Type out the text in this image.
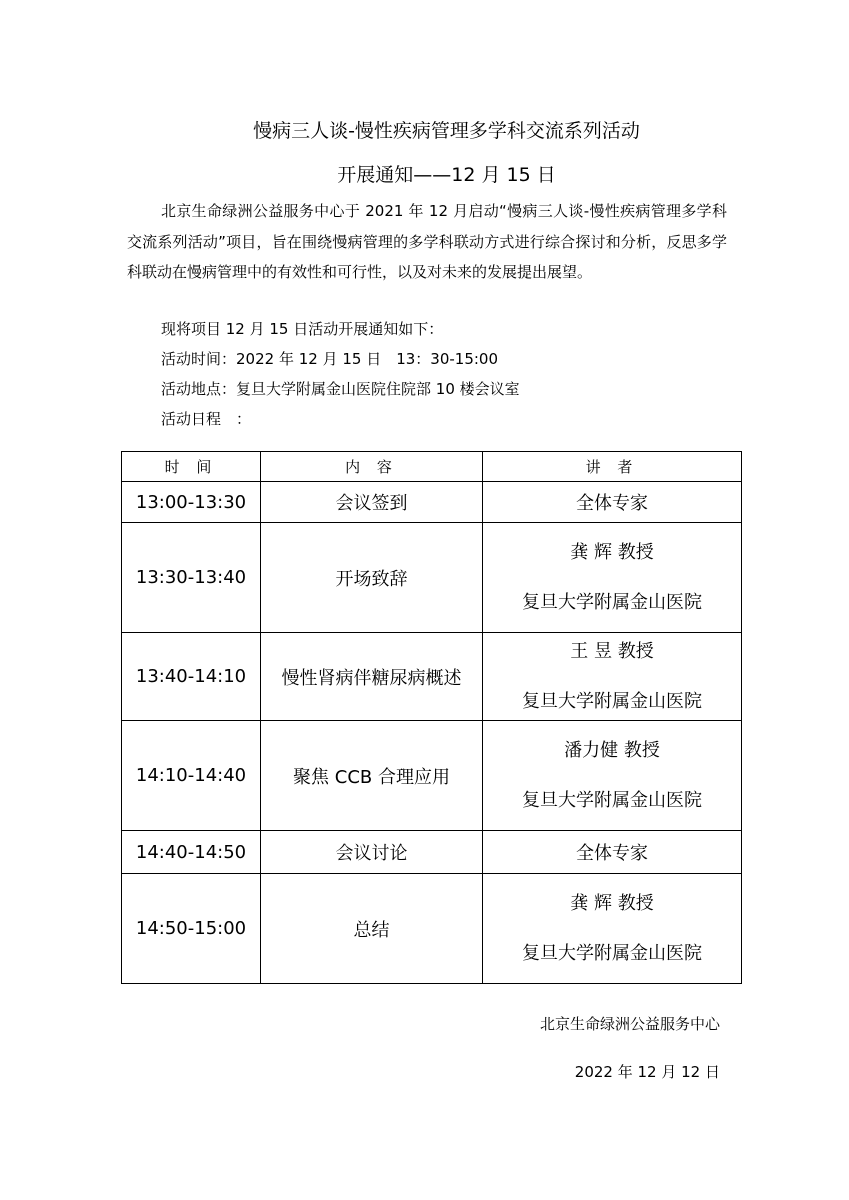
慢病三人谈-慢性疾病管理多学科交流系列活动
开展通知——12 月 15 日

北京生命绿洲公益服务中心于 2021 年 12 月启动“慢病三人谈-慢性疾病管理多学科交流系列活动”项目，旨在围绕慢病管理的多学科联动方式进行综合探讨和分析，反思多学科联动在慢病管理中的有效性和可行性，以及对未来的发展提出展望。

现将项目 12 月 15 日活动开展通知如下：
活动时间：2022 年 12 月 15 日　13：30-15:00
活动地点：复旦大学附属金山医院住院部 10 楼会议室
活动日程　：
时 间	内 容	讲 者
13:00-13:30	会议签到	全体专家
13:30-13:40	开场致辞	龚 辉 教授
复旦大学附属金山医院

13:40-14:10	慢性肾病伴糖尿病概述	王 昱 教授
复旦大学附属金山医院

14:10-14:40	聚焦 CCB 合理应用	潘力健 教授
复旦大学附属金山医院

14:40-14:50	会议讨论	全体专家
14:50-15:00	总结	龚 辉 教授
复旦大学附属金山医院
北京生命绿洲公益服务中心
2022 年 12 月 12 日
